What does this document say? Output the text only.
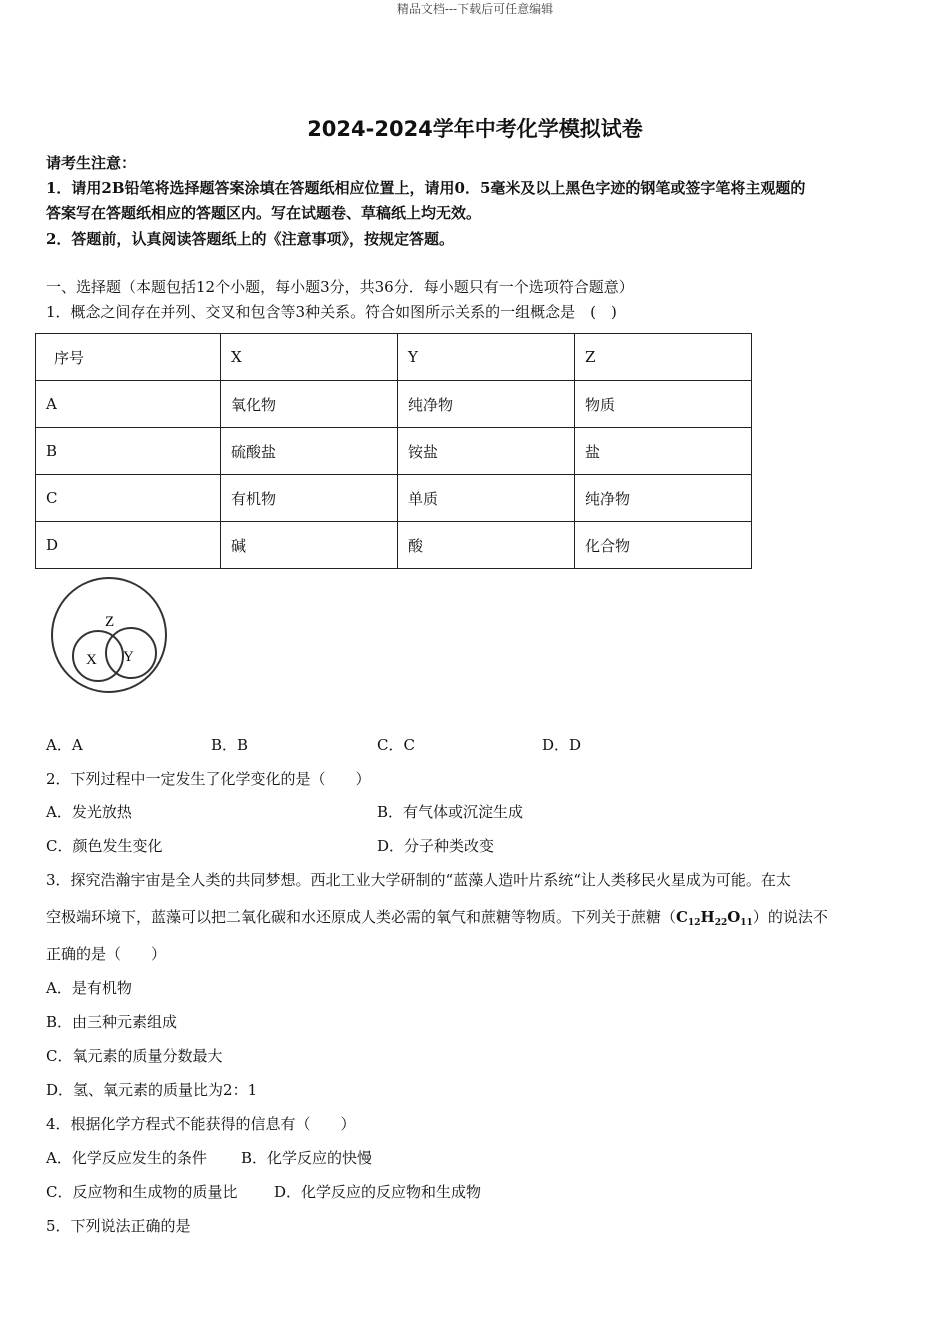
精品文档---下载后可任意编辑
2024-2024学年中考化学模拟试卷
请考生注意：
1．请用2B铅笔将选择题答案涂填在答题纸相应位置上，请用0．5毫米及以上黑色字迹的钢笔或签字笔将主观题的
答案写在答题纸相应的答题区内。写在试题卷、草稿纸上均无效。
2．答题前，认真阅读答题纸上的《注意事项》，按规定答题。
一、选择题（本题包括12个小题，每小题3分，共36分．每小题只有一个选项符合题意）
1．概念之间存在并列、交叉和包含等3种关系。符合如图所示关系的一组概念是　(　)
序号	X	Y	Z
A	氧化物	纯净物	物质
B	硫酸盐	铵盐	盐
C	有机物	单质	纯净物
D	碱	酸	化合物
Z
X Y
A．A	B．B	C．C	D．D
2．下列过程中一定发生了化学变化的是（　　）
A．发光放热	B．有气体或沉淀生成
C．颜色发生变化	D．分子种类改变
3．探究浩瀚宇宙是全人类的共同梦想。西北工业大学研制的“蓝藻人造叶片系统“让人类移民火星成为可能。在太
空极端环境下，蓝藻可以把二氧化碳和水还原成人类必需的氧气和蔗糖等物质。下列关于蔗糖$(C_{12}H_{22}O_{11})$的说法不
正确的是（　　）
A．是有机物
B．由三种元素组成
C．氧元素的质量分数最大
D．氢、氧元素的质量比为2：1
4．根据化学方程式不能获得的信息有（　　）
A．化学反应发生的条件 B．化学反应的快慢
C．反应物和生成物的质量比 D．化学反应的反应物和生成物
5．下列说法正确的是
